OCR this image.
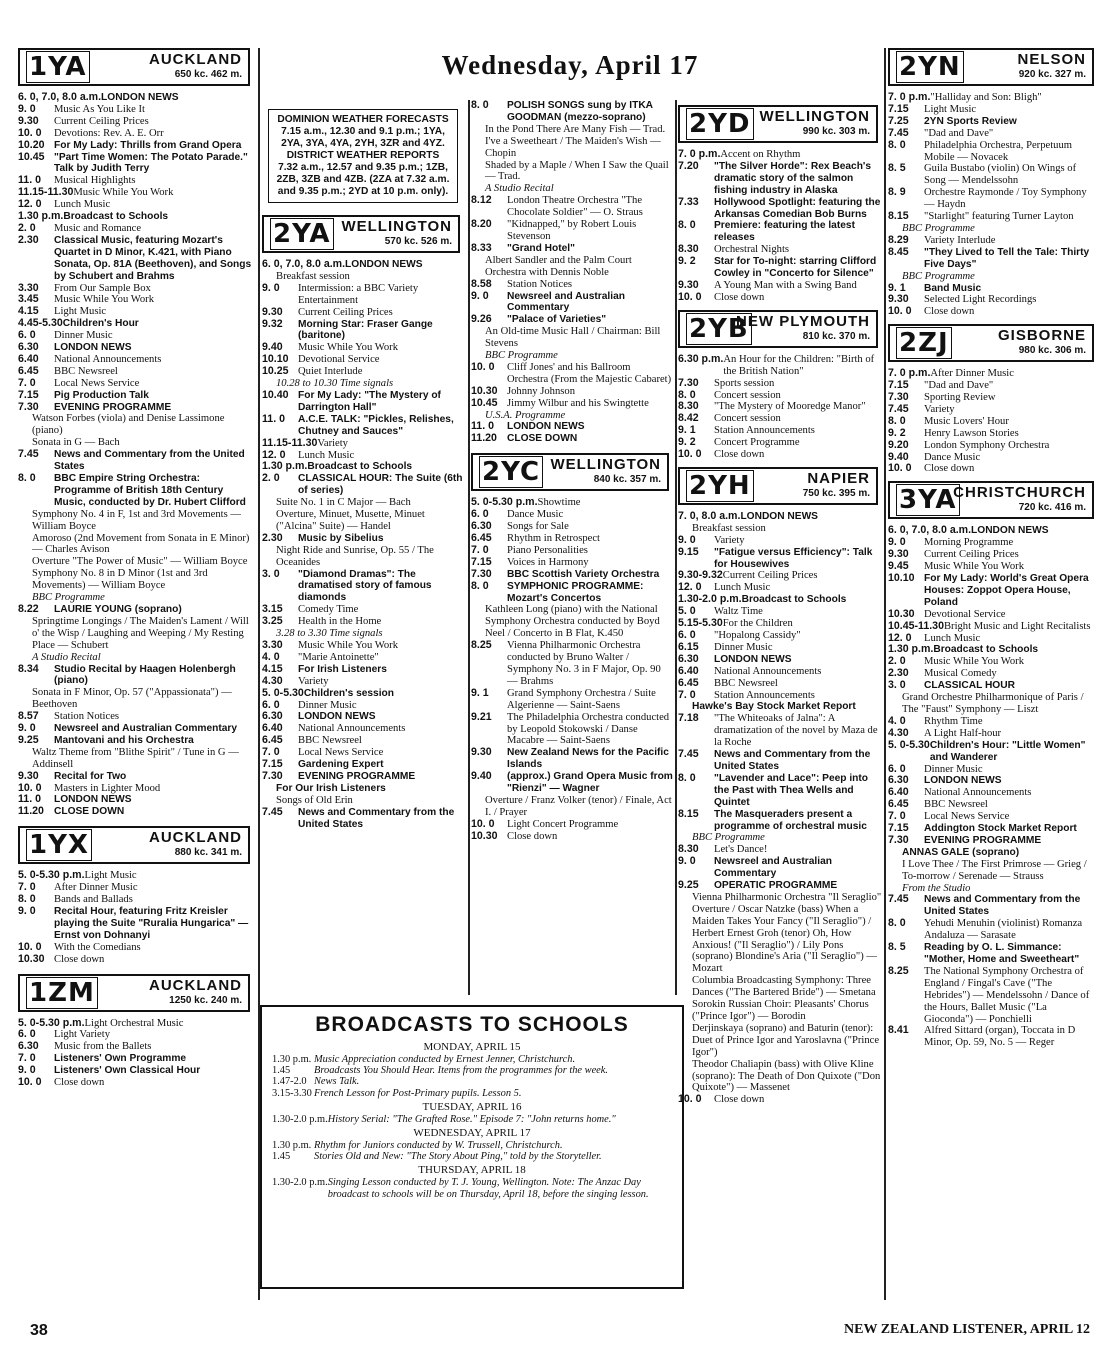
Wednesday, April 17
1YA	AUCKLAND
650 kc. 462 m.
6. 0, 7.0, 8.0 a.m. LONDON NEWS
9. 0	Music As You Like It
9.30	Current Ceiling Prices
10. 0	Devotions: Rev. A. E. Orr
10.20 For My Lady: Thrills from Grand Opera
10.45 "Part Time Women: The Potato Parade." Talk by Judith Terry
11. 0	Musical Highlights
11.15-11.30 Music While You Work
12. 0	Lunch Music
1.30 p.m. Broadcast to Schools
2. 0	Music and Romance
2.30	Classical Music, featuring Mozart's Quartet in D Minor, K.421, with Piano Sonata, Op. 81A (Beethoven), and Songs by Schubert and Brahms
3.30	From Our Sample Box
3.45	Music While You Work
4.15	Light Music
4.45-5.30 Children's Hour
6. 0	Dinner Music
6.30	LONDON NEWS
6.40	National Announcements
6.45	BBC Newsreel
7. 0	Local News Service
7.15	Pig Production Talk
7.30	EVENING PROGRAMME
Watson Forbes (viola) and Denise Lassimone (piano)
Sonata in G — Bach
7.45	News and Commentary from the United States
8. 0	BBC Empire String Orchestra: Programme of British 18th Century Music, conducted by Dr. Hubert Clifford
Symphony No. 4 in F, 1st and 3rd Movements — William Boyce
Amoroso (2nd Movement from Sonata in E Minor) — Charles Avison
Overture "The Power of Music" — William Boyce
Symphony No. 8 in D Minor (1st and 3rd Movements) — William Boyce
BBC Programme
8.22	LAURIE YOUNG (soprano)
Springtime Longings / The Maiden's Lament / Will o' the Wisp / Laughing and Weeping / My Resting Place — Schubert
A Studio Recital
8.34	Studio Recital by Haagen Holenbergh (piano)
Sonata in F Minor, Op. 57 ("Appassionata") — Beethoven
8.57	Station Notices
9. 0	Newsreel and Australian Commentary
9.25	Mantovani and his Orchestra
Waltz Theme from "Blithe Spirit" / Tune in G — Addinsell
9.30	Recital for Two
10. 0	Masters in Lighter Mood
11. 0	LONDON NEWS
11.20 CLOSE DOWN
1YX	AUCKLAND
880 kc. 341 m.
5. 0-5.30 p.m. Light Music
7. 0	After Dinner Music
8. 0	Bands and Ballads
9. 0	Recital Hour, featuring Fritz Kreisler playing the Suite "Ruralia Hungarica" — Ernst von Dohnanyi
10. 0	With the Comedians
10.30 Close down
1ZM	AUCKLAND
1250 kc. 240 m.
5. 0-5.30 p.m. Light Orchestral Music
6. 0	Light Variety
6.30	Music from the Ballets
7. 0	Listeners' Own Programme
9. 0	Listeners' Own Classical Hour
10. 0	Close down
DOMINION WEATHER FORECASTS
7.15 a.m., 12.30 and 9.1 p.m.; 1YA, 2YA, 3YA, 4YA, 2YH, 3ZR and 4YZ.
DISTRICT WEATHER REPORTS
7.32 a.m., 12.57 and 9.35 p.m.; 1ZB, 2ZB, 3ZB and 4ZB. (2ZA at 7.32 a.m. and 9.35 p.m.; 2YD at 10 p.m. only).
2YA WELLINGTON
570 kc. 526 m.
6. 0, 7.0, 8.0 a.m. LONDON NEWS
Breakfast session
9. 0	Intermission: a BBC Variety Entertainment
9.30	Current Ceiling Prices
9.32	Morning Star: Fraser Gange (baritone)
9.40	Music While You Work
10.10 Devotional Service
10.25 Quiet Interlude
10.28 to 10.30 Time signals
10.40 For My Lady: "The Mystery of Darrington Hall"
11. 0	A.C.E. TALK: "Pickles, Relishes, Chutney and Sauces"
11.15-11.30 Variety
12. 0	Lunch Music
1.30 p.m. Broadcast to Schools
2. 0	CLASSICAL HOUR: The Suite (6th of series)
Suite No. 1 in C Major — Bach
Overture, Minuet, Musette, Minuet ("Alcina" Suite) — Handel
2.30	Music by Sibelius
Night Ride and Sunrise, Op. 55 / The Oceanides
3. 0	"Diamond Dramas": The dramatised story of famous diamonds
3.15	Comedy Time
3.25	Health in the Home
3.28 to 3.30 Time signals
3.30	Music While You Work
4. 0	"Marie Antoinette"
4.15	For Irish Listeners
4.30	Variety
5. 0-5.30 Children's session
6. 0	Dinner Music
6.30	LONDON NEWS
6.40	National Announcements
6.45	BBC Newsreel
7. 0	Local News Service
7.15	Gardening Expert
7.30	EVENING PROGRAMME
For Our Irish Listeners
Songs of Old Erin
7.45	News and Commentary from the United States
8. 0	POLISH SONGS sung by ITKA GOODMAN (mezzo-soprano)
In the Pond There Are Many Fish — Trad.
I've a Sweetheart / The Maiden's Wish — Chopin
Shaded by a Maple / When I Saw the Quail — Trad.
A Studio Recital
8.12	London Theatre Orchestra "The Chocolate Soldier" — O. Straus
8.20	"Kidnapped," by Robert Louis Stevenson
8.33	"Grand Hotel"
Albert Sandler and the Palm Court Orchestra with Dennis Noble
8.58	Station Notices
9. 0	Newsreel and Australian Commentary
9.26	"Palace of Varieties"
An Old-time Music Hall / Chairman: Bill Stevens
BBC Programme
10. 0	Cliff Jones' and his Ballroom Orchestra (From the Majestic Cabaret)
10.30 Johnny Johnson
10.45 Jimmy Wilbur and his Swingtette
U.S.A. Programme
11. 0	LONDON NEWS
11.20 CLOSE DOWN
2YC WELLINGTON
840 kc. 357 m.
5. 0-5.30 p.m. Showtime
6. 0	Dance Music
6.30	Songs for Sale
6.45	Rhythm in Retrospect
7. 0	Piano Personalities
7.15	Voices in Harmony
7.30	BBC Scottish Variety Orchestra
8. 0	SYMPHONIC PROGRAMME: Mozart's Concertos
Kathleen Long (piano) with the National Symphony Orchestra conducted by Boyd Neel / Concerto in B Flat, K.450
8.25	Vienna Philharmonic Orchestra conducted by Bruno Walter / Symphony No. 3 in F Major, Op. 90 — Brahms
9. 1	Grand Symphony Orchestra / Suite Algerienne — Saint-Saens
9.21	The Philadelphia Orchestra conducted by Leopold Stokowski / Danse Macabre — Saint-Saens
9.30	New Zealand News for the Pacific Islands
9.40	(approx.) Grand Opera Music from "Rienzi" — Wagner
Overture / Franz Volker (tenor) / Finale, Act I. / Prayer
10. 0	Light Concert Programme
10.30 Close down
2YD WELLINGTON
990 kc. 303 m.
7. 0 p.m. Accent on Rhythm
7.20	"The Silver Horde": Rex Beach's dramatic story of the salmon fishing industry in Alaska
7.33	Hollywood Spotlight: featuring the Arkansas Comedian Bob Burns
8. 0	Premiere: featuring the latest releases
8.30	Orchestral Nights
9. 2	Star for To-night: starring Clifford Cowley in "Concerto for Silence"
9.30	A Young Man with a Swing Band
10. 0	Close down
2YB
NEW PLYMOUTH
810 kc. 370 m.
6.30 p.m. An Hour for the Children: "Birth of the British Nation"
7.30	Sports session
8. 0	Concert session
8.30	"The Mystery of Mooredge Manor"
8.42	Concert session
9. 1	Station Announcements
9. 2	Concert Programme
10. 0	Close down
2YH	NAPIER
750 kc. 395 m.
7. 0, 8.0 a.m. LONDON NEWS
Breakfast session
9. 0	Variety
9.15	"Fatigue versus Efficiency": Talk for Housewives
9.30-9.32 Current Ceiling Prices
12. 0	Lunch Music
1.30-2.0 p.m. Broadcast to Schools
5. 0	Waltz Time
5.15-5.30 For the Children
6. 0	"Hopalong Cassidy"
6.15	Dinner Music
6.30	LONDON NEWS
6.40	National Announcements
6.45	BBC Newsreel
7. 0	Station Announcements
Hawke's Bay Stock Market Report
7.18	"The Whiteoaks of Jalna": A dramatization of the novel by Maza de la Roche
7.45	News and Commentary from the United States
8. 0	"Lavender and Lace": Peep into the Past with Thea Wells and Quintet
8.15	The Masqueraders present a programme of orchestral music
BBC Programme
8.30	Let's Dance!
9. 0	Newsreel and Australian Commentary
9.25	OPERATIC PROGRAMME
Vienna Philharmonic Orchestra "Il Seraglio" Overture / Oscar Natzke (bass) When a Maiden Takes Your Fancy ("Il Seraglio") / Herbert Ernest Groh (tenor) Oh, How Anxious! ("Il Seraglio") / Lily Pons (soprano) Blondine's Aria ("Il Seraglio") — Mozart
Columbia Broadcasting Symphony: Three Dances ("The Bartered Bride") — Smetana
Sorokin Russian Choir: Pleasants' Chorus ("Prince Igor") — Borodin
Derjinskaya (soprano) and Baturin (tenor): Duet of Prince Igor and Yaroslavna ("Prince Igor")
Theodor Chaliapin (bass) with Olive Kline (soprano): The Death of Don Quixote ("Don Quixote") — Massenet
10. 0	Close down
2YN	NELSON
920 kc. 327 m.
7. 0 p.m. "Halliday and Son: Bligh"
7.15	Light Music
7.25	2YN Sports Review
7.45	"Dad and Dave"
8. 0	Philadelphia Orchestra, Perpetuum Mobile — Novacek
8. 5	Guila Bustabo (violin) On Wings of Song — Mendelssohn
8. 9	Orchestre Raymonde / Toy Symphony — Haydn
8.15	"Starlight" featuring Turner Layton
BBC Programme
8.29	Variety Interlude
8.45	"They Lived to Tell the Tale: Thirty Five Days"
BBC Programme
9. 1	Band Music
9.30	Selected Light Recordings
10. 0	Close down
2ZJ	GISBORNE
980 kc. 306 m.
7. 0 p.m. After Dinner Music
7.15	"Dad and Dave"
7.30	Sporting Review
7.45	Variety
8. 0	Music Lovers' Hour
9. 2	Henry Lawson Stories
9.20	London Symphony Orchestra
9.40	Dance Music
10. 0	Close down
3YA
CHRISTCHURCH
720 kc. 416 m.
6. 0, 7.0, 8.0 a.m. LONDON NEWS
9. 0	Morning Programme
9.30	Current Ceiling Prices
9.45	Music While You Work
10.10 For My Lady: World's Great Opera Houses: Zoppot Opera House, Poland
10.30 Devotional Service
10.45-11.30 Bright Music and Light Recitalists
12. 0	Lunch Music
1.30 p.m. Broadcast to Schools
2. 0	Music While You Work
2.30	Musical Comedy
3. 0	CLASSICAL HOUR
Grand Orchestre Philharmonique of Paris / The "Faust" Symphony — Liszt
4. 0	Rhythm Time
4.30	A Light Half-hour
5. 0-5.30 Children's Hour: "Little Women" and Wanderer
6. 0	Dinner Music
6.30	LONDON NEWS
6.40	National Announcements
6.45	BBC Newsreel
7. 0	Local News Service
7.15	Addington Stock Market Report
7.30	EVENING PROGRAMME
ANNAS GALE (soprano)
I Love Thee / The First Primrose — Grieg / To-morrow / Serenade — Strauss
From the Studio
7.45	News and Commentary from the United States
8. 0	Yehudi Menuhin (violinist) Romanza Andaluza — Sarasate
8. 5	Reading by O. L. Simmance: "Mother, Home and Sweetheart"
8.25	The National Symphony Orchestra of England / Fingal's Cave ("The Hebrides") — Mendelssohn / Dance of the Hours, Ballet Music ("La Gioconda") — Ponchielli
8.41	Alfred Sittard (organ), Toccata in D Minor, Op. 59, No. 5 — Reger
BROADCASTS TO SCHOOLS
MONDAY, APRIL 15
1.30 p.m. Music Appreciation conducted by Ernest Jenner, Christchurch.
1.45	Broadcasts You Should Hear. Items from the programmes for the week.
1.47-2.0 News Talk.
3.15-3.30 French Lesson for Post-Primary pupils. Lesson 5.
TUESDAY, APRIL 16
1.30-2.0 p.m. History Serial: "The Grafted Rose." Episode 7: "John returns home."
WEDNESDAY, APRIL 17
1.30 p.m. Rhythm for Juniors conducted by W. Trussell, Christchurch.
1.45	Stories Old and New: "The Story About Ping," told by the Storyteller.
THURSDAY, APRIL 18
1.30-2.0 p.m. Singing Lesson conducted by T. J. Young, Wellington. Note: The Anzac Day broadcast to schools will be on Thursday, April 18, before the singing lesson.
38	NEW ZEALAND LISTENER, APRIL 12
